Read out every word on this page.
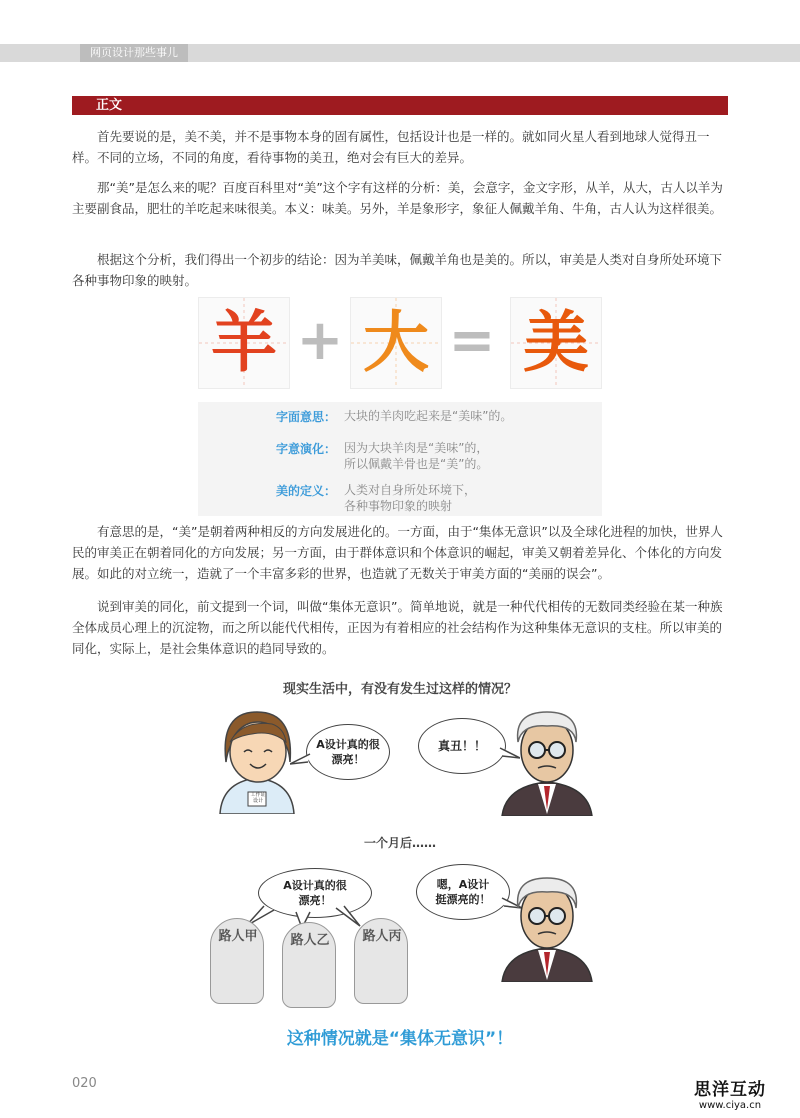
网页设计那些事儿
正文

首先要说的是，美不美，并不是事物本身的固有属性，包括设计也是一样的。就如同火星人看到地球人觉得丑一样。不同的立场，不同的角度，看待事物的美丑，绝对会有巨大的差异。

那“美”是怎么来的呢？百度百科里对“美”这个字有这样的分析：美，会意字，金文字形，从羊，从大，古人以羊为主要副食品，肥壮的羊吃起来味很美。本义：味美。另外，羊是象形字，象征人佩戴羊角、牛角，古人认为这样很美。

根据这个分析，我们得出一个初步的结论：因为羊美味，佩戴羊角也是美的。所以，审美是人类对自身所处环境下各种事物印象的映射。

羊 + 大 = 美
字面意思： 大块的羊肉吃起来是“美味”的。
字意演化： 因为大块羊肉是“美味”的，
所以佩戴羊骨也是“美”的。
美的定义： 人类对自身所处环境下，
各种事物印象的映射

有意思的是，“美”是朝着两种相反的方向发展进化的。一方面，由于“集体无意识”以及全球化进程的加快，世界人民的审美正在朝着同化的方向发展；另一方面，由于群体意识和个体意识的崛起，审美又朝着差异化、个体化的方向发展。如此的对立统一，造就了一个丰富多彩的世界，也造就了无数关于审美方面的“美丽的误会”。

说到审美的同化，前文提到一个词，叫做“集体无意识”。简单地说，就是一种代代相传的无数同类经验在某一种族全体成员心理上的沉淀物，而之所以能代代相传，正因为有着相应的社会结构作为这种集体无意识的支柱。所以审美的同化，实际上，是社会集体意识的趋同导致的。

现实生活中，有没有发生过这样的情况？
工作证
设计
A设计真的很
漂亮！
真丑！！
一个月后……
A设计真的很
漂亮！
路人甲	路人乙	路人丙
嗯，A设计
挺漂亮的！
这种情况就是“集体无意识”！
020	思洋互动
www.ciya.cn
